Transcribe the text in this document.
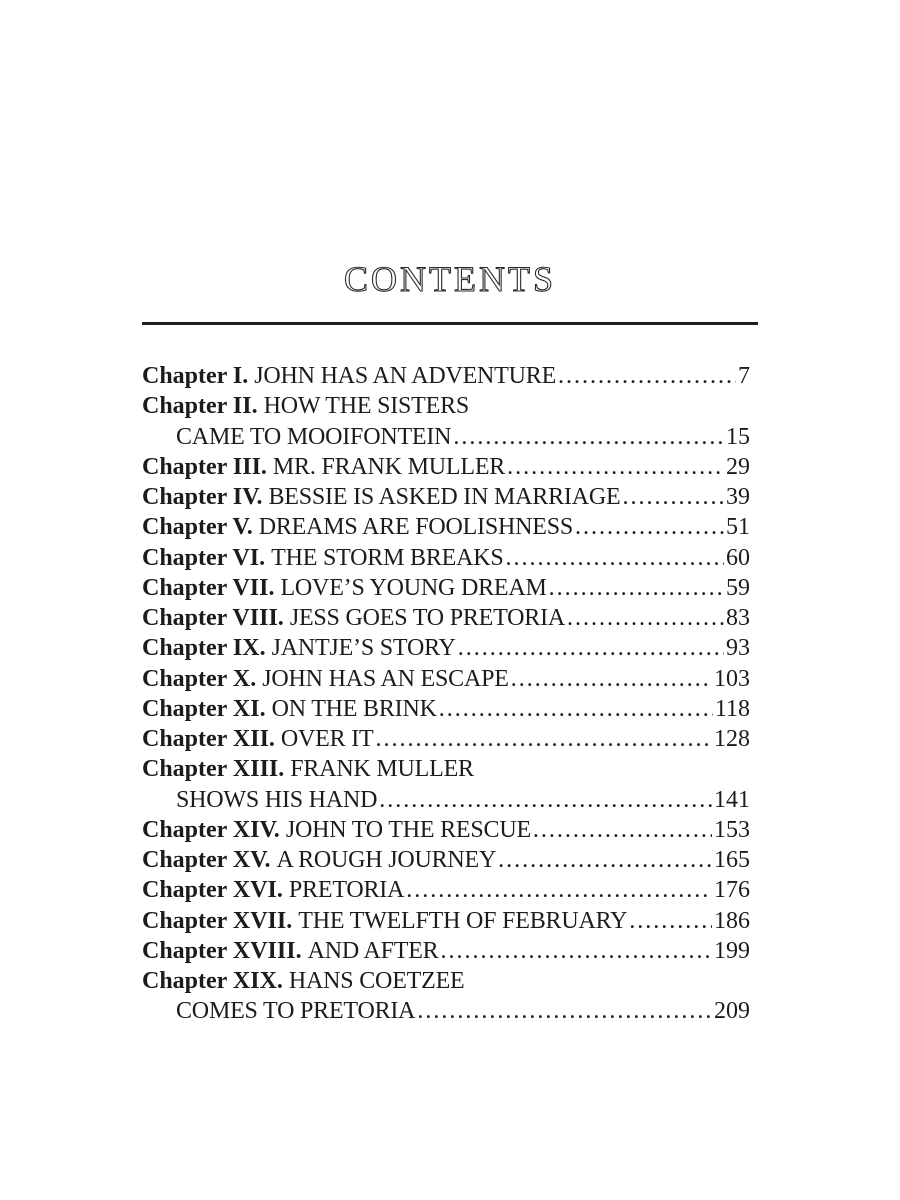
CONTENTS
Chapter I. JOHN HAS AN ADVENTURE .....	7
Chapter II. HOW THE SISTERS
CAME TO MOOIFONTEIN .....	15
Chapter III. MR. FRANK MULLER .....	29
Chapter IV. BESSIE IS ASKED IN MARRIAGE .....	39
Chapter V. DREAMS ARE FOOLISHNESS .....	51
Chapter VI. THE STORM BREAKS .....	60
Chapter VII. LOVE’S YOUNG DREAM .....	59
Chapter VIII. JESS GOES TO PRETORIA .....	83
Chapter IX. JANTJE’S STORY .....	93
Chapter X. JOHN HAS AN ESCAPE .....	103
Chapter XI. ON THE BRINK .....	118
Chapter XII. OVER IT .....	128
Chapter XIII. FRANK MULLER
SHOWS HIS HAND .....	141
Chapter XIV. JOHN TO THE RESCUE .....	153
Chapter XV. A ROUGH JOURNEY .....	165
Chapter XVI. PRETORIA .....	176
Chapter XVII. THE TWELFTH OF FEBRUARY .....	186
Chapter XVIII. AND AFTER .....	199
Chapter XIX. HANS COETZEE
COMES TO PRETORIA .....	209
